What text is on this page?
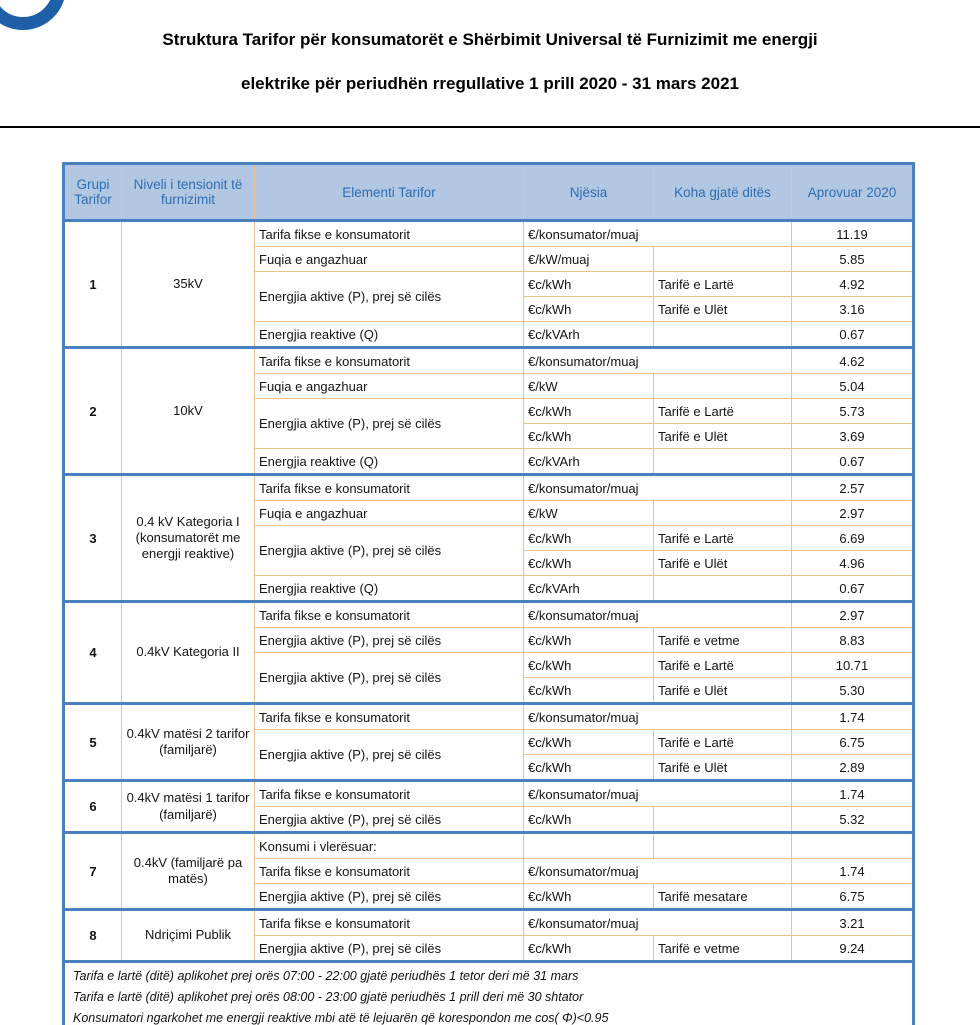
Struktura Tarifor për konsumatorët e Shërbimit Universal të Furnizimit me energji
elektrike për periudhën rregullative 1 prill 2020 - 31 mars 2021
Grupi Tarifor	Niveli i tensionit të furnizimit	Elementi Tarifor	Njësia	Koha gjatë ditës	Aprovuar 2020
1	35kV	Tarifa fikse e konsumatorit	€/konsumator/muaj		11.19
		Fuqia e angazhuar	€/kW/muaj		5.85
		Energjia aktive (P), prej së cilës	€c/kWh	Tarifë e Lartë	4.92
			€c/kWh	Tarifë e Ulët	3.16
		Energjia reaktive (Q)	€c/kVArh		0.67
2	10kV	Tarifa fikse e konsumatorit	€/konsumator/muaj		4.62
		Fuqia e angazhuar	€/kW		5.04
		Energjia aktive (P), prej së cilës	€c/kWh	Tarifë e Lartë	5.73
			€c/kWh	Tarifë e Ulët	3.69
		Energjia reaktive (Q)	€c/kVArh		0.67
3	0.4 kV Kategoria I (konsumatorët me energji reaktive)	Tarifa fikse e konsumatorit	€/konsumator/muaj		2.57
		Fuqia e angazhuar	€/kW		2.97
		Energjia aktive (P), prej së cilës	€c/kWh	Tarifë e Lartë	6.69
			€c/kWh	Tarifë e Ulët	4.96
		Energjia reaktive (Q)	€c/kVArh		0.67
4	0.4kV Kategoria II	Tarifa fikse e konsumatorit	€/konsumator/muaj		2.97
		Energjia aktive (P), prej së cilës	€c/kWh	Tarifë e vetme	8.83
		Energjia aktive (P), prej së cilës	€c/kWh	Tarifë e Lartë	10.71
			€c/kWh	Tarifë e Ulët	5.30
5	0.4kV matësi 2 tarifor (familjarë)	Tarifa fikse e konsumatorit	€/konsumator/muaj		1.74
		Energjia aktive (P), prej së cilës	€c/kWh	Tarifë e Lartë	6.75
			€c/kWh	Tarifë e Ulët	2.89
6	0.4kV matësi 1 tarifor (familjarë)	Tarifa fikse e konsumatorit	€/konsumator/muaj		1.74
		Energjia aktive (P), prej së cilës	€c/kWh		5.32
7	0.4kV (familjarë pa matës)	Konsumi i vlerësuar:			
		Tarifa fikse e konsumatorit	€/konsumator/muaj		1.74
		Energjia aktive (P), prej së cilës	€c/kWh	Tarifë mesatare	6.75
8	Ndriçimi Publik	Tarifa fikse e konsumatorit	€/konsumator/muaj		3.21
		Energjia aktive (P), prej së cilës	€c/kWh	Tarifë e vetme	9.24

Tarifa e lartë (ditë) aplikohet prej orës 07:00 - 22:00 gjatë periudhës 1 tetor deri më 31 mars

Tarifa e lartë (ditë) aplikohet prej orës 08:00 - 23:00 gjatë periudhës 1 prill deri më 30 shtator

Konsumatori ngarkohet me energji reaktive mbi atë të lejuarën që korespondon me cos( Φ)<0.95					
